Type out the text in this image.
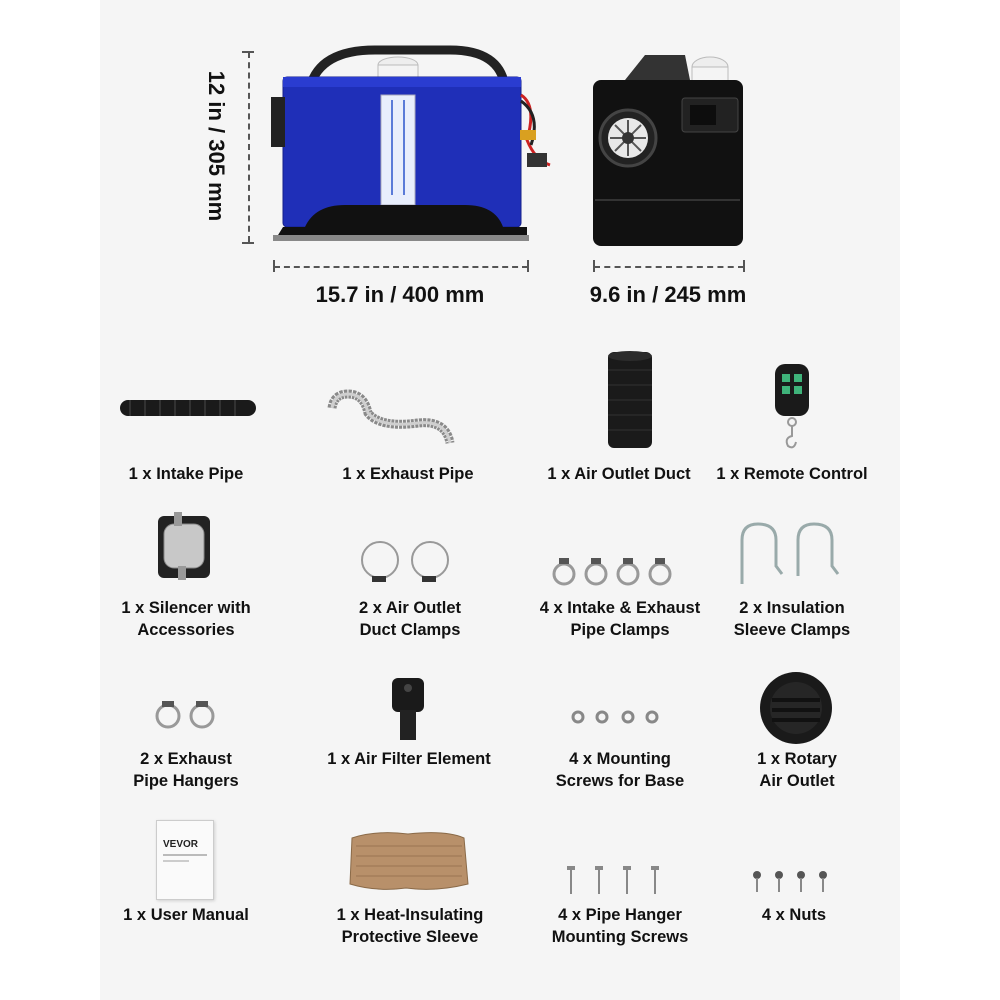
12 in / 305 mm
15.7 in / 400 mm	9.6 in / 245 mm
VEVOR
1 x Intake Pipe	1 x Exhaust Pipe	1 x Air Outlet Duct	1 x Remote Control
1 x Silencer with
Accessories
2 x Air Outlet
Duct Clamps
4 x Intake & Exhaust
Pipe Clamps
2 x Insulation
Sleeve Clamps
2 x Exhaust
Pipe Hangers
1 x Air Filter Element	4 x Mounting
Screws for Base
1 x Rotary
Air Outlet
1 x User Manual	1 x Heat-Insulating
Protective Sleeve
4 x Pipe Hanger
Mounting Screws
4 x Nuts
